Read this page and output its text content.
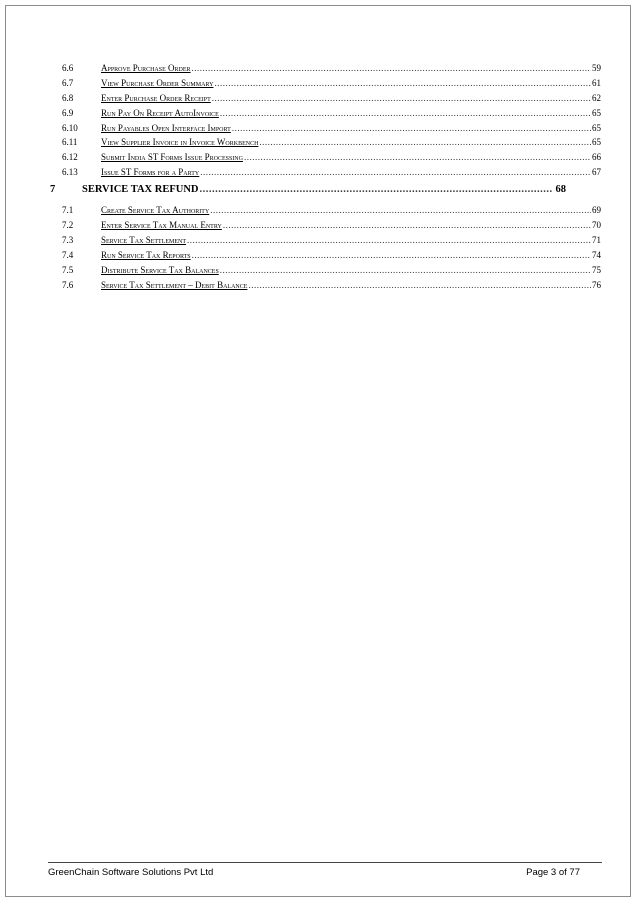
6.6	Approve Purchase Order .....	59
6.7	View Purchase Order Summary .....	61
6.8	Enter Purchase Order Receipt .....	62
6.9	Run Pay On Receipt AutoInvoice .....	65
6.10	Run Payables Open Interface Import .....	65
6.11	View Supplier Invoice in Invoice Workbench .....	65
6.12	Submit India ST Forms Issue Processing .....	66
6.13	Issue ST Forms for a Party .....	67
7	SERVICE TAX REFUND .....	68
7.1	Create Service Tax Authority .....	69
7.2	Enter Service Tax Manual Entry .....	70
7.3	Service Tax Settlement .....	71
7.4	Run Service Tax Reports .....	74
7.5	Distribute Service Tax Balances .....	75
7.6	Service Tax Settlement – Debit Balance .....	76
GreenChain Software Solutions Pvt Ltd	Page 3 of 77
